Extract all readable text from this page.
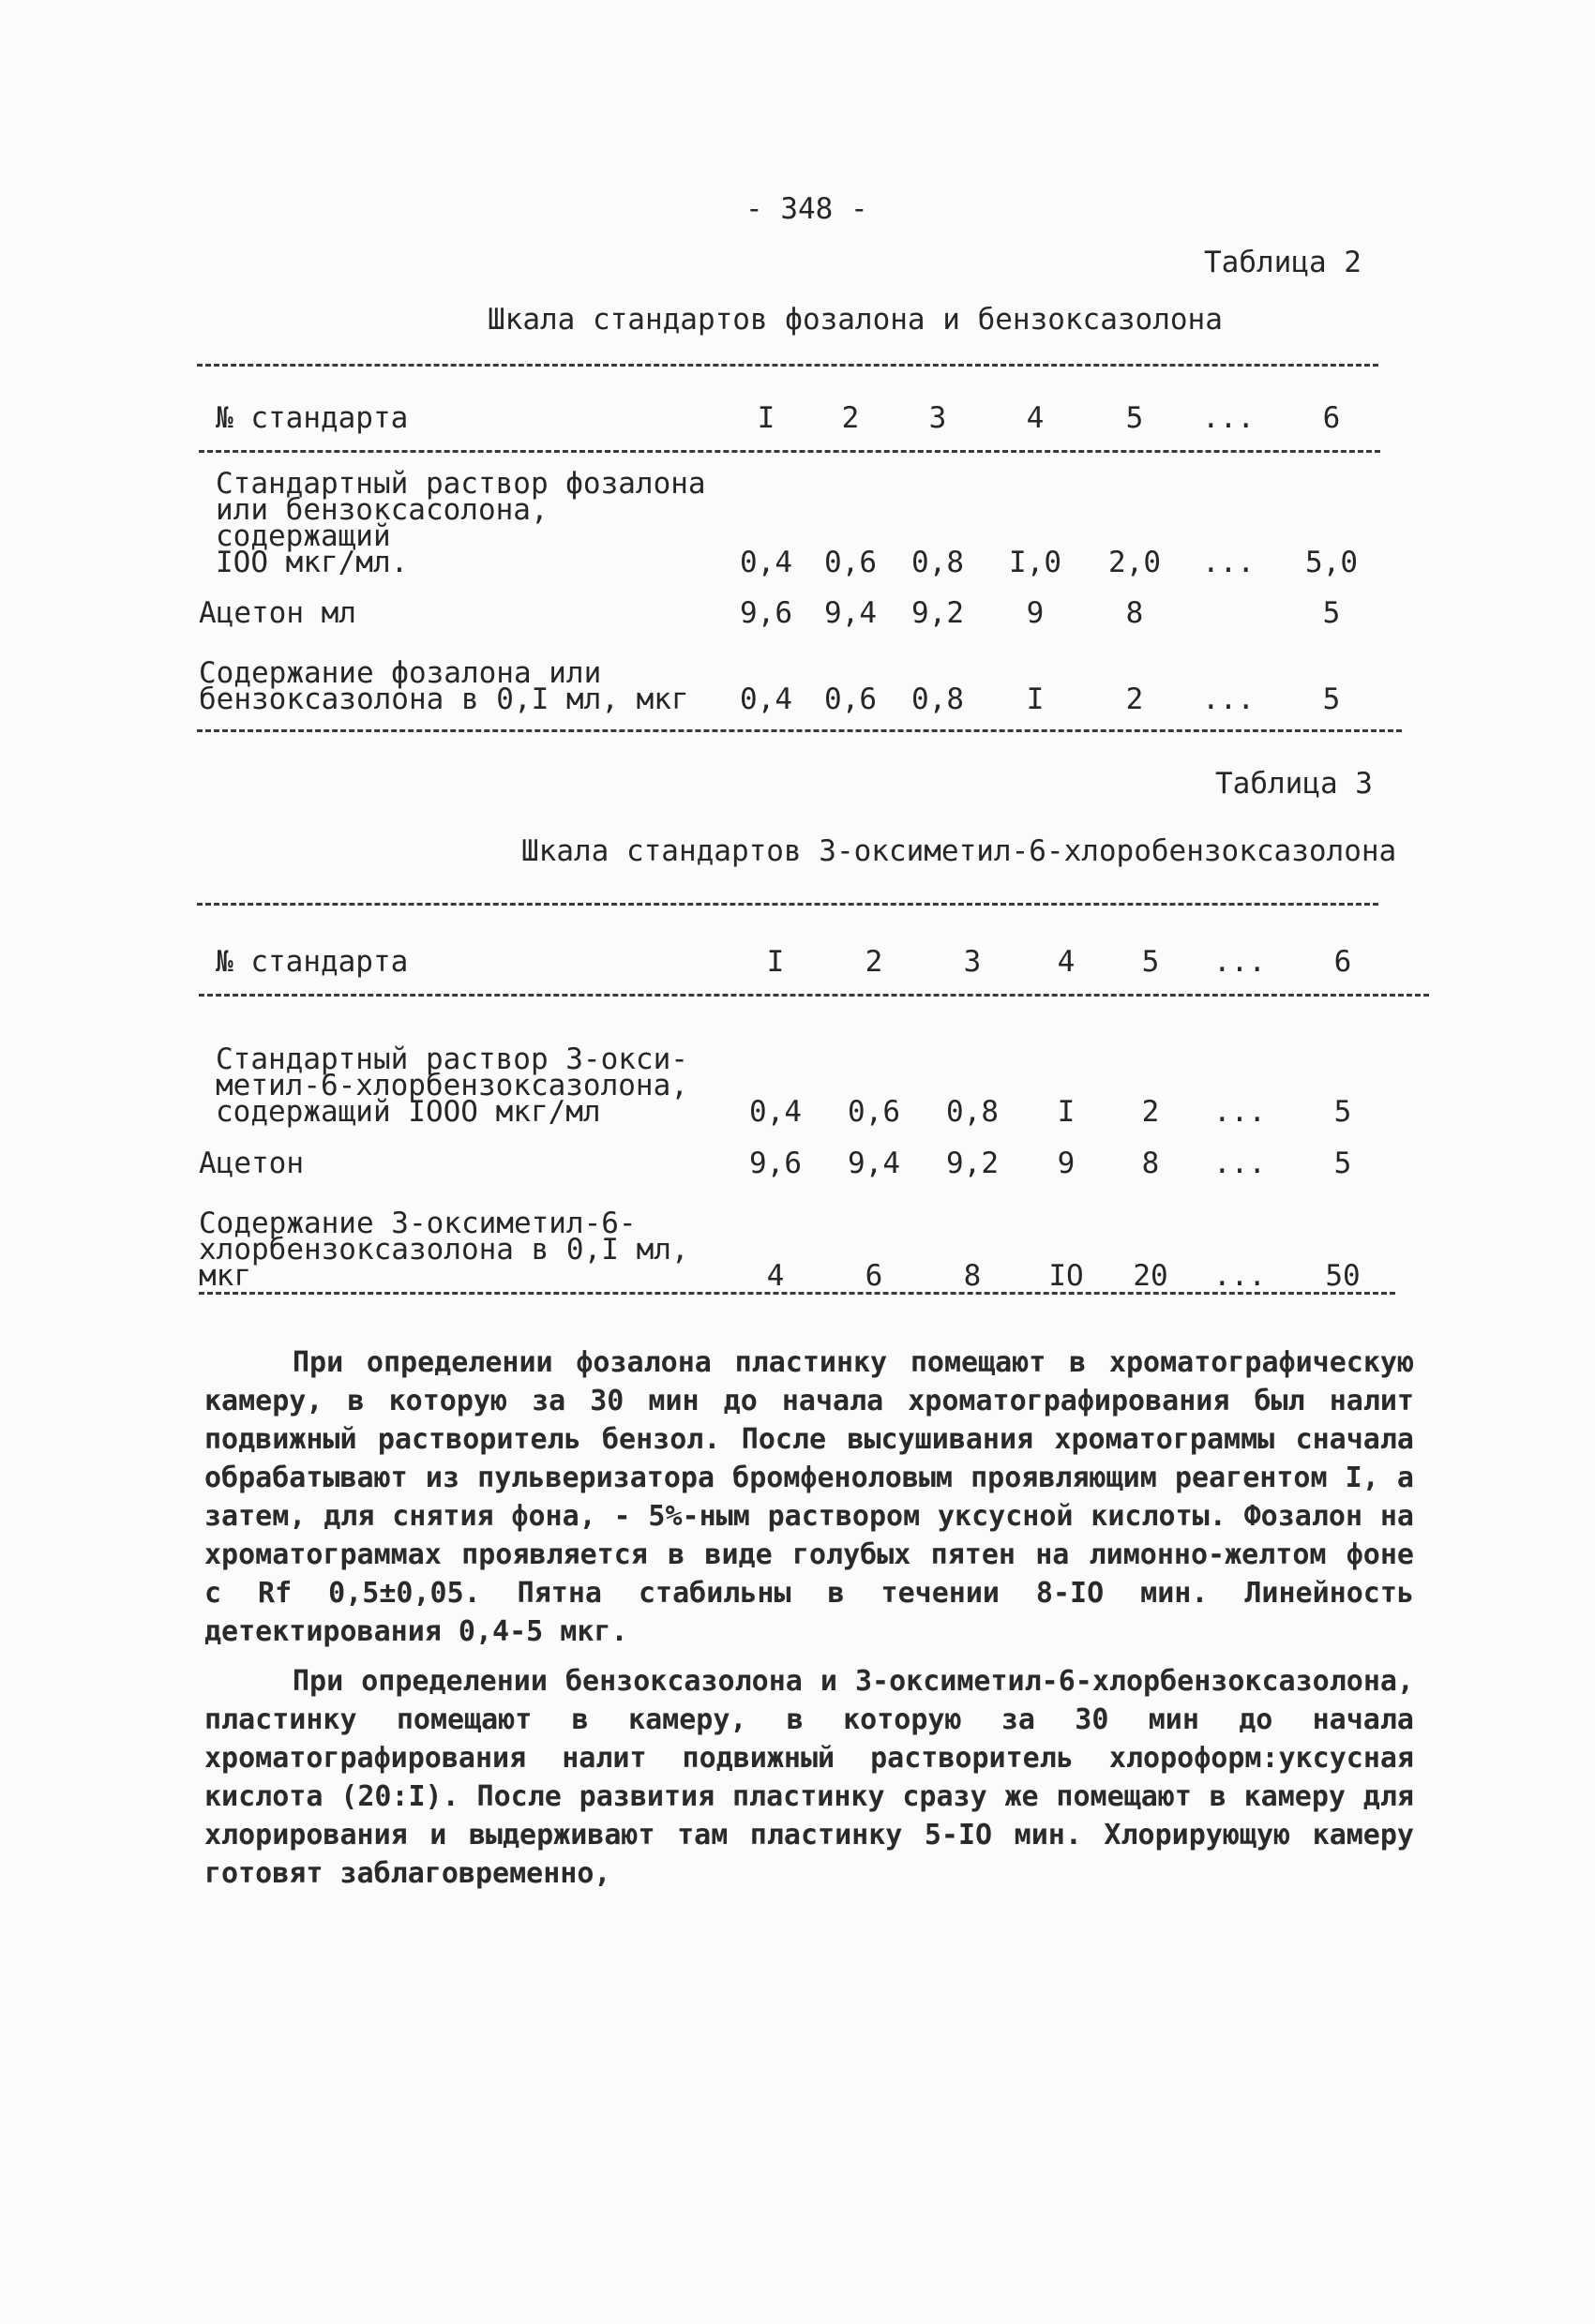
- 348 -
Таблица 2
Шкала стандартов фозалона и бензоксазолона
№ стандарта	I	2	3	4	5	...	6

Стандартный раствор фозалона
или бензоксасолона, содержащий
IOO мкг/мл.	0,4	0,6	0,8	I,0	2,0	...	5,0
Ацетон мл	9,6	9,4	9,2	9	8		5
Содержание фозалона или
бензоксазолона в 0,I мл, мкг	0,4	0,6	0,8	I	2	...	5
Таблица 3
Шкала стандартов 3-оксиметил-6-хлоробензоксазолона
№ стандарта	I	2	3	4	5	...	6

Стандартный раствор 3-окси-
метил-6-хлорбензоксазолона,
содержащий IOOO мкг/мл	0,4	0,6	0,8	I	2	...	5
Ацетон	9,6	9,4	9,2	9	8	...	5
Содержание 3-оксиметил-6-
хлорбензоксазолона в 0,I мл,
мкг	4	6	8	IO	20	...	50

При определении фозалона пластинку помещают в хроматографическую камеру, в которую за 30 мин до начала хроматографирования был налит подвижный растворитель бензол. После высушивания хроматограммы сначала обрабатывают из пульверизатора бромфеноловым проявляющим реагентом I, а затем, для снятия фона, - 5%-ным раствором уксусной кислоты. Фозалон на хроматограммах проявляется в виде голубых пятен на лимонно-желтом фоне с Rf 0,5±0,05. Пятна стабильны в течении 8-IO мин. Линейность детектирования 0,4-5 мкг.

При определении бензоксазолона и 3-оксиметил-6-хлорбензоксазолона, пластинку помещают в камеру, в которую за 30 мин до начала хроматографирования налит подвижный растворитель хлороформ:уксусная кислота (20:I). После развития пластинку сразу же помещают в камеру для хлорирования и выдерживают там пластинку 5-IO мин. Хлорирующую камеру готовят заблаговременно,
